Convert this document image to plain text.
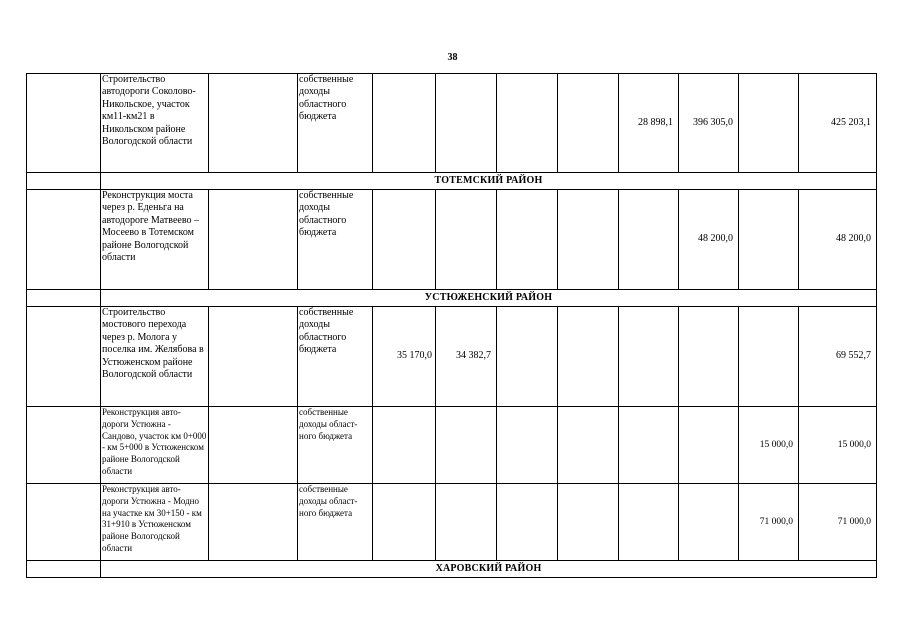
38
	Строительство автодороги Соколово-Никольское, участок км11-км21 в Никольском районе Вологодской области		собственные доходы областного бюджета					28 898,1	396 305,0		425 203,1
	ТОТЕМСКИЙ РАЙОН										
	Реконструкция моста через р. Еденьга на автодороге Матвеево – Мосеево в Тотемском районе Вологодской области		собственные доходы областного бюджета						48 200,0		48 200,0
	УСТЮЖЕНСКИЙ РАЙОН										
	Строительство мостового перехода через р. Молога у поселка им. Желябова в Устюженском районе Вологодской области		собственные доходы областного бюджета	35 170,0	34 382,7						69 552,7
	Реконструкция авто-дороги Устюжна - Сандово, участок км 0+000 - км 5+000 в Устюженском районе Вологодской области		собственные доходы област-ного бюджета							15 000,0	15 000,0
	Реконструкция авто-дороги Устюжна - Модно на участке км 30+150 - км 31+910 в Устюженском районе Вологодской области		собственные доходы област-ного бюджета							71 000,0	71 000,0
	ХАРОВСКИЙ РАЙОН										
